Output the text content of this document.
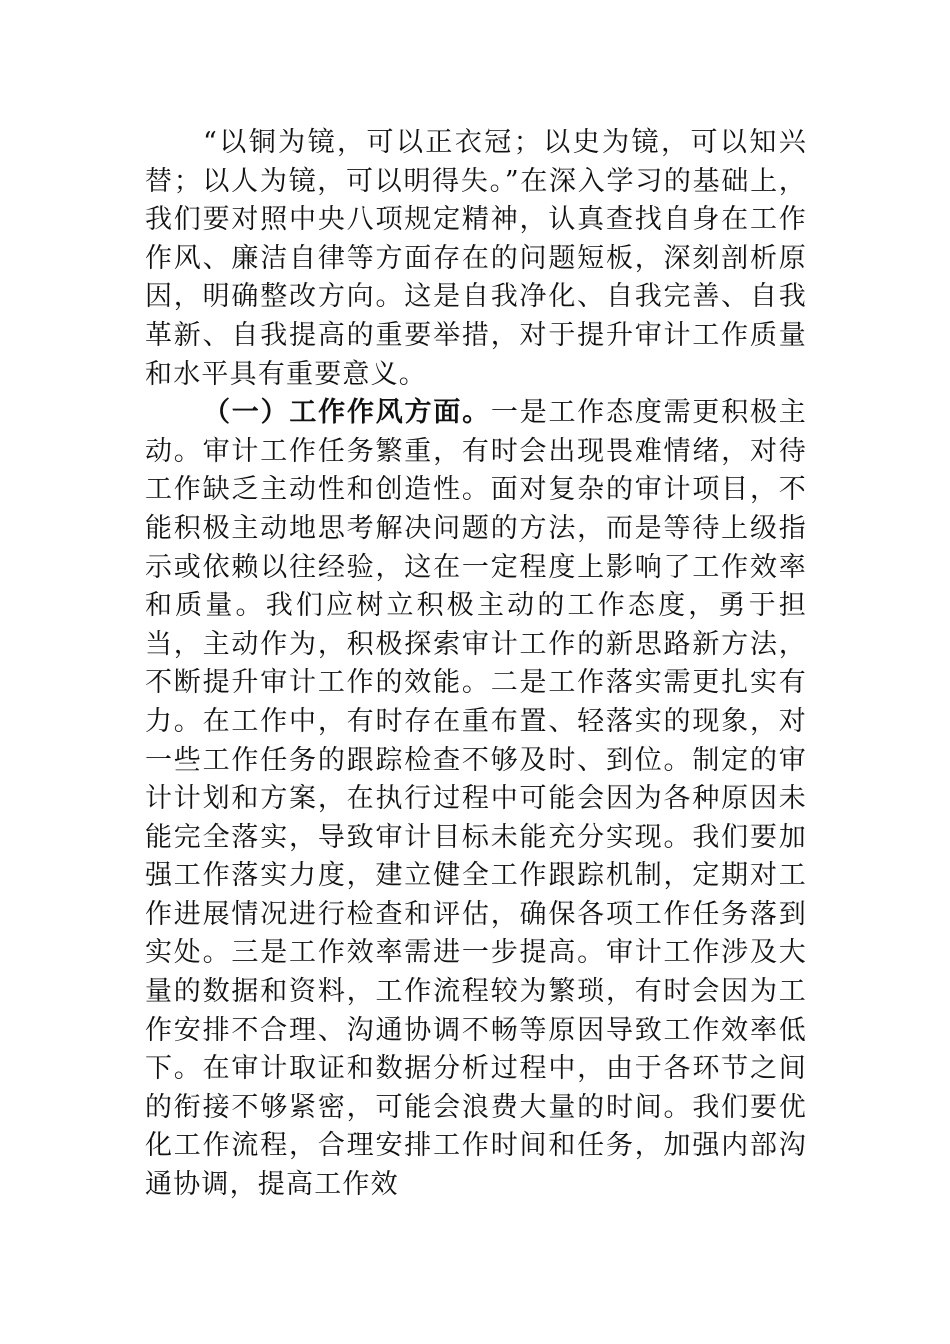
“以铜为镜，可以正衣冠；以史为镜，可以知兴替；以人为镜，可以明得失。”在深入学习的基础上，我们要对照中央八项规定精神，认真查找自身在工作作风、廉洁自律等方面存在的问题短板，深刻剖析原因，明确整改方向。这是自我净化、自我完善、自我革新、自我提高的重要举措，对于提升审计工作质量和水平具有重要意义。

（一）工作作风方面。一是工作态度需更积极主动。审计工作任务繁重，有时会出现畏难情绪，对待工作缺乏主动性和创造性。面对复杂的审计项目，不能积极主动地思考解决问题的方法，而是等待上级指示或依赖以往经验，这在一定程度上影响了工作效率和质量。我们应树立积极主动的工作态度，勇于担当，主动作为，积极探索审计工作的新思路新方法，不断提升审计工作的效能。二是工作落实需更扎实有力。在工作中，有时存在重布置、轻落实的现象，对一些工作任务的跟踪检查不够及时、到位。制定的审计计划和方案，在执行过程中可能会因为各种原因未能完全落实，导致审计目标未能充分实现。我们要加强工作落实力度，建立健全工作跟踪机制，定期对工作进展情况进行检查和评估，确保各项工作任务落到实处。三是工作效率需进一步提高。审计工作涉及大量的数据和资料，工作流程较为繁琐，有时会因为工作安排不合理、沟通协调不畅等原因导致工作效率低下。在审计取证和数据分析过程中，由于各环节之间的衔接不够紧密，可能会浪费大量的时间。我们要优化工作流程，合理安排工作时间和任务，加强内部沟通协调，提高工作效
